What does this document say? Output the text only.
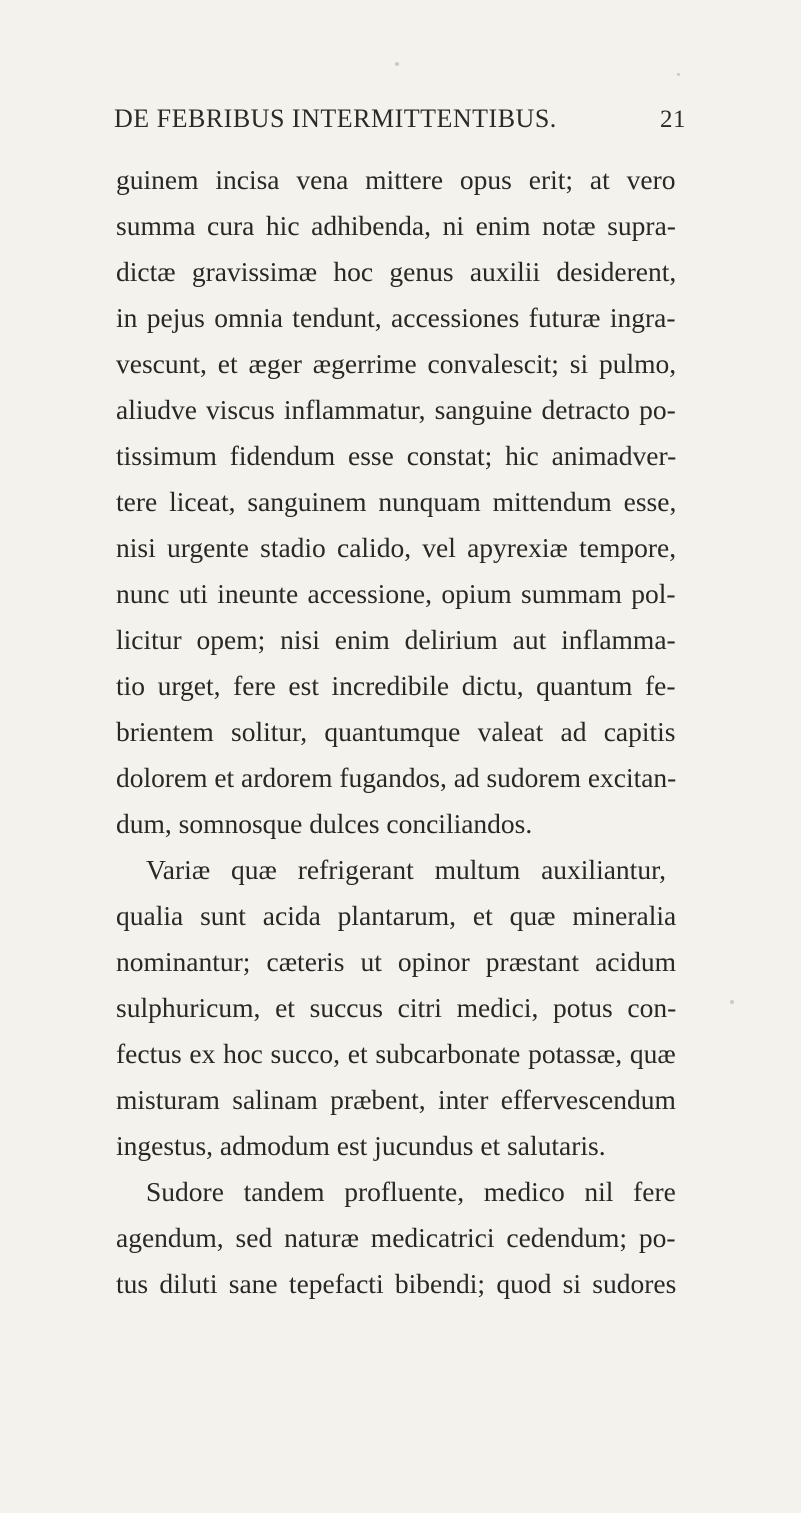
DE FEBRIBUS INTERMITTENTIBUS.	21
guinem incisa vena mittere opus erit; at vero
summa cura hic adhibenda, ni enim notæ supra-
dictæ gravissimæ hoc genus auxilii desiderent,
in pejus omnia tendunt, accessiones futuræ ingra-
vescunt, et æger ægerrime convalescit; si pulmo,
aliudve viscus inflammatur, sanguine detracto po-
tissimum fidendum esse constat; hic animadver-
tere liceat, sanguinem nunquam mittendum esse,
nisi urgente stadio calido, vel apyrexiæ tempore,
nunc uti ineunte accessione, opium summam pol-
licitur opem; nisi enim delirium aut inflamma-
tio urget, fere est incredibile dictu, quantum fe-
brientem solitur, quantumque valeat ad capitis
dolorem et ardorem fugandos, ad sudorem excitan-
dum, somnosque dulces conciliandos.
Variæ quæ refrigerant multum auxiliantur,
qualia sunt acida plantarum, et quæ mineralia
nominantur; cæteris ut opinor præstant acidum
sulphuricum, et succus citri medici, potus con-
fectus ex hoc succo, et subcarbonate potassæ, quæ
misturam salinam præbent, inter effervescendum
ingestus, admodum est jucundus et salutaris.
Sudore tandem profluente, medico nil fere
agendum, sed naturæ medicatrici cedendum; po-
tus diluti sane tepefacti bibendi; quod si sudores
